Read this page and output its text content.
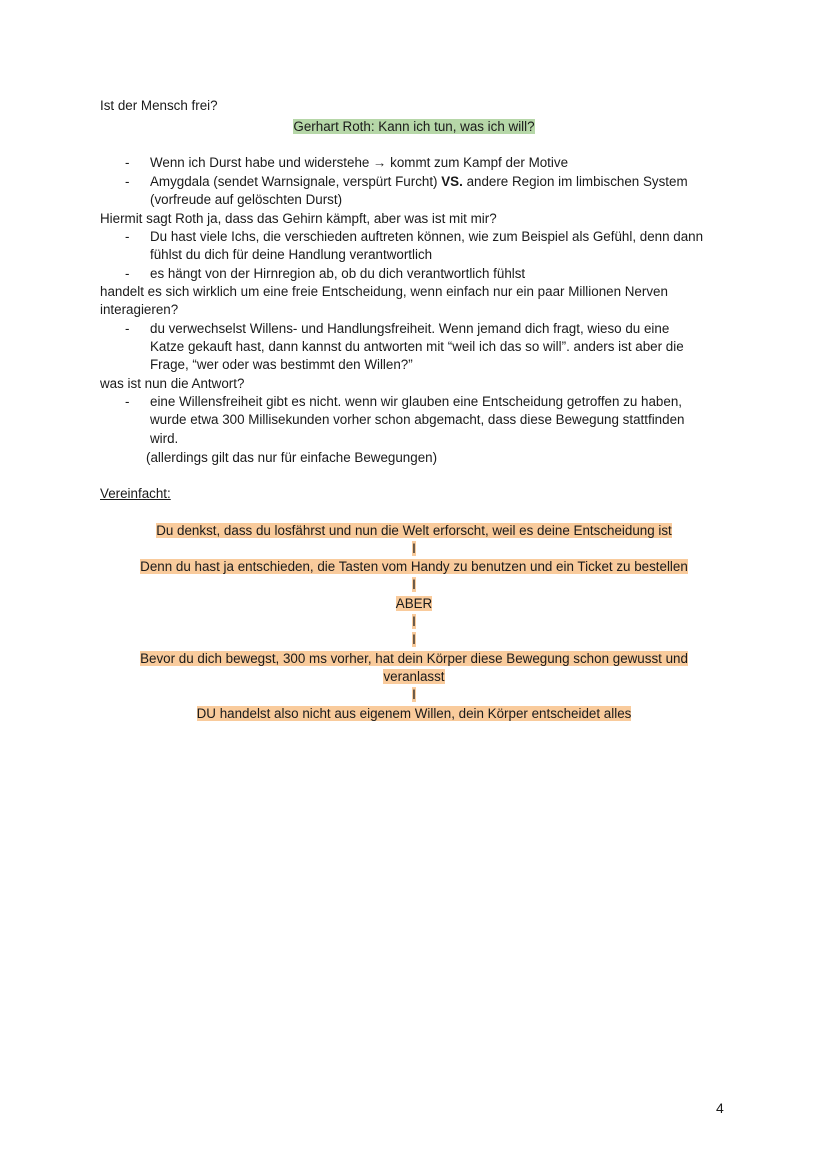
Ist der Mensch frei?
Gerhart Roth: Kann ich tun, was ich will?
- Wenn ich Durst habe und widerstehe → kommt zum Kampf der Motive
- Amygdala (sendet Warnsignale, verspürt Furcht) VS. andere Region im limbischen System
(vorfreude auf gelöschten Durst)
Hiermit sagt Roth ja, dass das Gehirn kämpft, aber was ist mit mir?
- Du hast viele Ichs, die verschieden auftreten können, wie zum Beispiel als Gefühl, denn dann
fühlst du dich für deine Handlung verantwortlich
- es hängt von der Hirnregion ab, ob du dich verantwortlich fühlst
handelt es sich wirklich um eine freie Entscheidung, wenn einfach nur ein paar Millionen Nerven
interagieren?
- du verwechselst Willens- und Handlungsfreiheit. Wenn jemand dich fragt, wieso du eine
Katze gekauft hast, dann kannst du antworten mit “weil ich das so will”. anders ist aber die
Frage, “wer oder was bestimmt den Willen?”
was ist nun die Antwort?
- eine Willensfreiheit gibt es nicht. wenn wir glauben eine Entscheidung getroffen zu haben,
wurde etwa 300 Millisekunden vorher schon abgemacht, dass diese Bewegung stattfinden
wird.
(allerdings gilt das nur für einfache Bewegungen)
Vereinfacht:
Du denkst, dass du losfährst und nun die Welt erforscht, weil es deine Entscheidung ist
I
Denn du hast ja entschieden, die Tasten vom Handy zu benutzen und ein Ticket zu bestellen
I
ABER
I
I
Bevor du dich bewegst, 300 ms vorher, hat dein Körper diese Bewegung schon gewusst und
veranlasst
I
DU handelst also nicht aus eigenem Willen, dein Körper entscheidet alles
4
